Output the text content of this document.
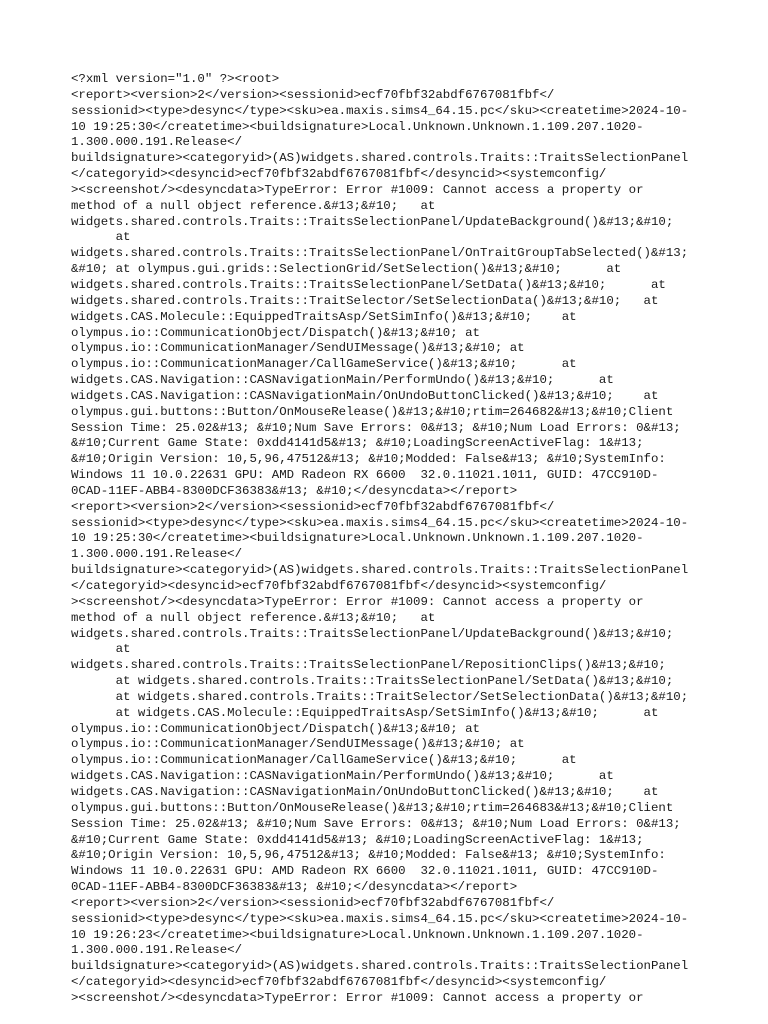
<?xml version="1.0" ?><root>
<report><version>2</version><sessionid>ecf70fbf32abdf6767081fbf</
sessionid><type>desync</type><sku>ea.maxis.sims4_64.15.pc</sku><createtime>2024-10-
10 19:25:30</createtime><buildsignature>Local.Unknown.Unknown.1.109.207.1020-
1.300.000.191.Release</
buildsignature><categoryid>(AS)widgets.shared.controls.Traits::TraitsSelectionPanel
</categoryid><desyncid>ecf70fbf32abdf6767081fbf</desyncid><systemconfig/
><screenshot/><desyncdata>TypeError: Error #1009: Cannot access a property or
method of a null object reference.&#13;&#10;   at
widgets.shared.controls.Traits::TraitsSelectionPanel/UpdateBackground()&#13;&#10;
at
widgets.shared.controls.Traits::TraitsSelectionPanel/OnTraitGroupTabSelected()&#13;
&#10; at olympus.gui.grids::SelectionGrid/SetSelection()&#13;&#10;      at
widgets.shared.controls.Traits::TraitsSelectionPanel/SetData()&#13;&#10;      at
widgets.shared.controls.Traits::TraitSelector/SetSelectionData()&#13;&#10;   at
widgets.CAS.Molecule::EquippedTraitsAsp/SetSimInfo()&#13;&#10;    at
olympus.io::CommunicationObject/Dispatch()&#13;&#10; at
olympus.io::CommunicationManager/SendUIMessage()&#13;&#10; at
olympus.io::CommunicationManager/CallGameService()&#13;&#10;      at
widgets.CAS.Navigation::CASNavigationMain/PerformUndo()&#13;&#10;      at
widgets.CAS.Navigation::CASNavigationMain/OnUndoButtonClicked()&#13;&#10;    at
olympus.gui.buttons::Button/OnMouseRelease()&#13;&#10;rtim=264682&#13;&#10;Client
Session Time: 25.02&#13; &#10;Num Save Errors: 0&#13; &#10;Num Load Errors: 0&#13;
&#10;Current Game State: 0xdd4141d5&#13; &#10;LoadingScreenActiveFlag: 1&#13;
&#10;Origin Version: 10,5,96,47512&#13; &#10;Modded: False&#13; &#10;SystemInfo:
Windows 11 10.0.22631 GPU: AMD Radeon RX 6600  32.0.11021.1011, GUID: 47CC910D-
0CAD-11EF-ABB4-8300DCF36383&#13; &#10;</desyncdata></report>
<report><version>2</version><sessionid>ecf70fbf32abdf6767081fbf</
sessionid><type>desync</type><sku>ea.maxis.sims4_64.15.pc</sku><createtime>2024-10-
10 19:25:30</createtime><buildsignature>Local.Unknown.Unknown.1.109.207.1020-
1.300.000.191.Release</
buildsignature><categoryid>(AS)widgets.shared.controls.Traits::TraitsSelectionPanel
</categoryid><desyncid>ecf70fbf32abdf6767081fbf</desyncid><systemconfig/
><screenshot/><desyncdata>TypeError: Error #1009: Cannot access a property or
method of a null object reference.&#13;&#10;   at
widgets.shared.controls.Traits::TraitsSelectionPanel/UpdateBackground()&#13;&#10;
at
widgets.shared.controls.Traits::TraitsSelectionPanel/RepositionClips()&#13;&#10;
at widgets.shared.controls.Traits::TraitsSelectionPanel/SetData()&#13;&#10;
at widgets.shared.controls.Traits::TraitSelector/SetSelectionData()&#13;&#10;
at widgets.CAS.Molecule::EquippedTraitsAsp/SetSimInfo()&#13;&#10;      at
olympus.io::CommunicationObject/Dispatch()&#13;&#10; at
olympus.io::CommunicationManager/SendUIMessage()&#13;&#10; at
olympus.io::CommunicationManager/CallGameService()&#13;&#10;      at
widgets.CAS.Navigation::CASNavigationMain/PerformUndo()&#13;&#10;      at
widgets.CAS.Navigation::CASNavigationMain/OnUndoButtonClicked()&#13;&#10;    at
olympus.gui.buttons::Button/OnMouseRelease()&#13;&#10;rtim=264683&#13;&#10;Client
Session Time: 25.02&#13; &#10;Num Save Errors: 0&#13; &#10;Num Load Errors: 0&#13;
&#10;Current Game State: 0xdd4141d5&#13; &#10;LoadingScreenActiveFlag: 1&#13;
&#10;Origin Version: 10,5,96,47512&#13; &#10;Modded: False&#13; &#10;SystemInfo:
Windows 11 10.0.22631 GPU: AMD Radeon RX 6600  32.0.11021.1011, GUID: 47CC910D-
0CAD-11EF-ABB4-8300DCF36383&#13; &#10;</desyncdata></report>
<report><version>2</version><sessionid>ecf70fbf32abdf6767081fbf</
sessionid><type>desync</type><sku>ea.maxis.sims4_64.15.pc</sku><createtime>2024-10-
10 19:26:23</createtime><buildsignature>Local.Unknown.Unknown.1.109.207.1020-
1.300.000.191.Release</
buildsignature><categoryid>(AS)widgets.shared.controls.Traits::TraitsSelectionPanel
</categoryid><desyncid>ecf70fbf32abdf6767081fbf</desyncid><systemconfig/
><screenshot/><desyncdata>TypeError: Error #1009: Cannot access a property or
